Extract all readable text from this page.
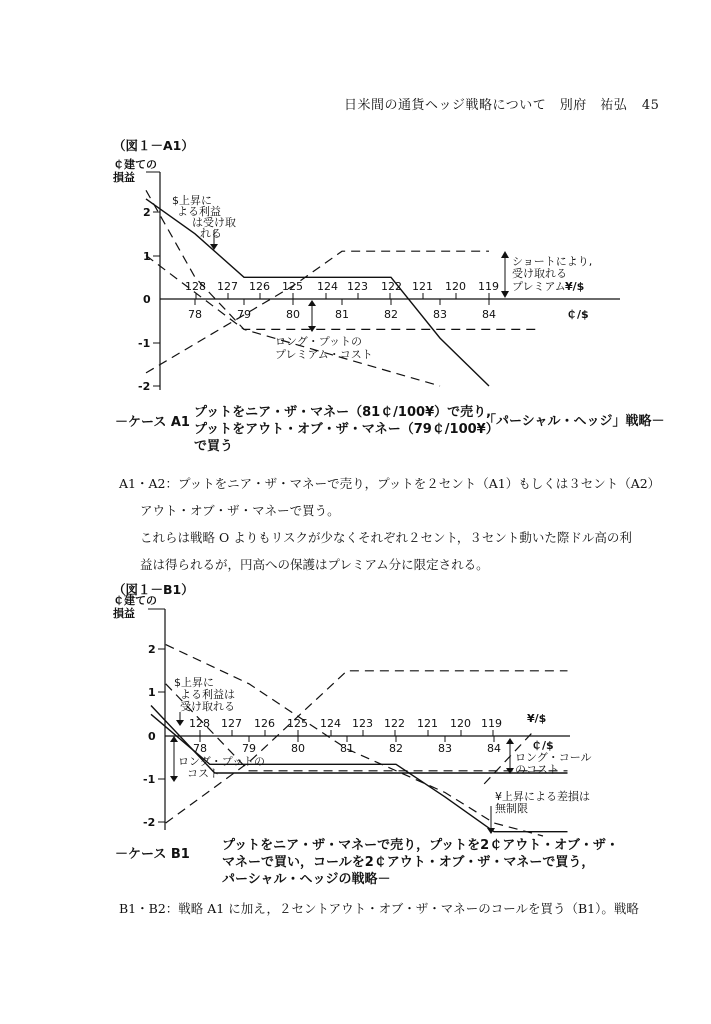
日米間の通貨ヘッジ戦略について　別府　祐弘 45
（図１－A1）
￠建ての
損益
2
1
0
-1
-2
128 127 126 125 124 123 122 121 120 119	¥/$
78	79	80	81	82	83	84	￠/$
$上昇に
よる利益
は受け取
れる
ショートにより,
受け取れる
プレミアム
ロング・プットの
プレミアム・コスト
－ケース A1
プットをニア・ザ・マネー（81￠/100¥）で売り,
プットをアウト・オブ・ザ・マネー（79￠/100¥）
で買う
「パーシャル・ヘッジ」戦略－
A1・A2：プットをニア・ザ・マネーで売り，プットを２セント（A1）もしくは３セント（A2）
アウト・オブ・ザ・マネーで買う。
これらは戦略 O よりもリスクが少なくそれぞれ２セント，３セント動いた際ドル高の利
益は得られるが，円高への保護はプレミアム分に限定される。
（図１－B1）
￠建ての
損益
2
1
0
-1
-2
128 127 126 125 124 123 122 121 120 119 ¥/$
78	79	80	81	82	83	84	￠/$
$上昇に
よる利益は
受け取れる
ロング・プットの
コスト
ロング・コール
のコスト
¥上昇による差損は
無制限
－ケース B1
プットをニア・ザ・マネーで売り，プットを2￠アウト・オブ・ザ・
マネーで買い，コールを2￠アウト・オブ・ザ・マネーで買う，
パーシャル・ヘッジの戦略－
B1・B2：戦略 A1 に加え，２セントアウト・オブ・ザ・マネーのコールを買う（B1）。戦略
